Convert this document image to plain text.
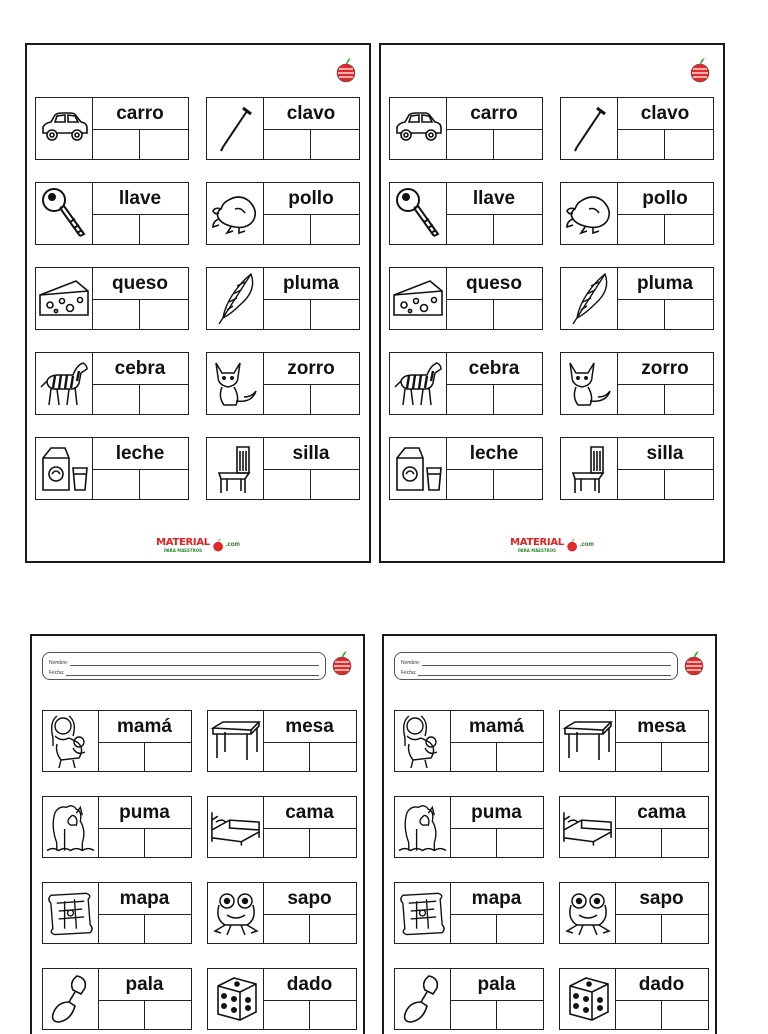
carro	clavo
llave	pollo
queso	pluma
cebra	zorro
leche	silla
MATERIAL
PARA MAESTROS
.com
carro	clavo
llave	pollo
queso	pluma
cebra	zorro
leche	silla
MATERIAL
PARA MAESTROS
.com
Nombre:
Fecha:
mamá	mesa
puma	cama
mapa	sapo
pala	dado
Nombre:
Fecha:
mamá	mesa
puma	cama
mapa	sapo
pala	dado
